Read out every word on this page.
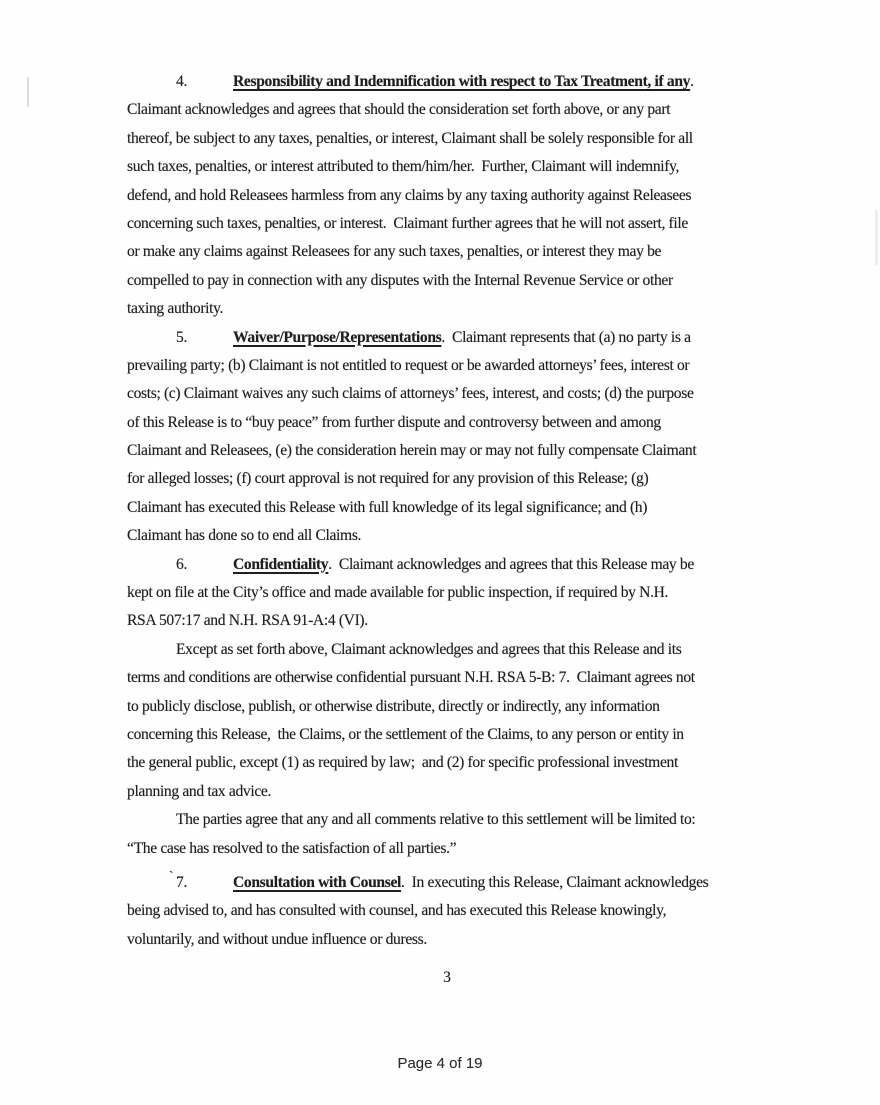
4.	Responsibility and Indemnification with respect to Tax Treatment, if any.
Claimant acknowledges and agrees that should the consideration set forth above, or any part
thereof, be subject to any taxes, penalties, or interest, Claimant shall be solely responsible for all
such taxes, penalties, or interest attributed to them/him/her.  Further, Claimant will indemnify,
defend, and hold Releasees harmless from any claims by any taxing authority against Releasees
concerning such taxes, penalties, or interest.  Claimant further agrees that he will not assert, file
or make any claims against Releasees for any such taxes, penalties, or interest they may be
compelled to pay in connection with any disputes with the Internal Revenue Service or other
taxing authority.
5.	Waiver/Purpose/Representations.  Claimant represents that (a) no party is a
prevailing party; (b) Claimant is not entitled to request or be awarded attorneys’ fees, interest or
costs; (c) Claimant waives any such claims of attorneys’ fees, interest, and costs; (d) the purpose
of this Release is to “buy peace” from further dispute and controversy between and among
Claimant and Releasees, (e) the consideration herein may or may not fully compensate Claimant
for alleged losses; (f) court approval is not required for any provision of this Release; (g)
Claimant has executed this Release with full knowledge of its legal significance; and (h)
Claimant has done so to end all Claims.
6.	Confidentiality.  Claimant acknowledges and agrees that this Release may be
kept on file at the City’s office and made available for public inspection, if required by N.H.
RSA 507:17 and N.H. RSA 91-A:4 (VI).
Except as set forth above, Claimant acknowledges and agrees that this Release and its
terms and conditions are otherwise confidential pursuant N.H. RSA 5-B: 7.  Claimant agrees not
to publicly disclose, publish, or otherwise distribute, directly or indirectly, any information
concerning this Release,  the Claims, or the settlement of the Claims, to any person or entity in
the general public, except (1) as required by law;  and (2) for specific professional investment
planning and tax advice.
The parties agree that any and all comments relative to this settlement will be limited to:
“The case has resolved to the satisfaction of all parties.”
7.
ˋ	Consultation with Counsel.  In executing this Release, Claimant acknowledges
being advised to, and has consulted with counsel, and has executed this Release knowingly,
voluntarily, and without undue influence or duress.
3
Page 4 of 19
